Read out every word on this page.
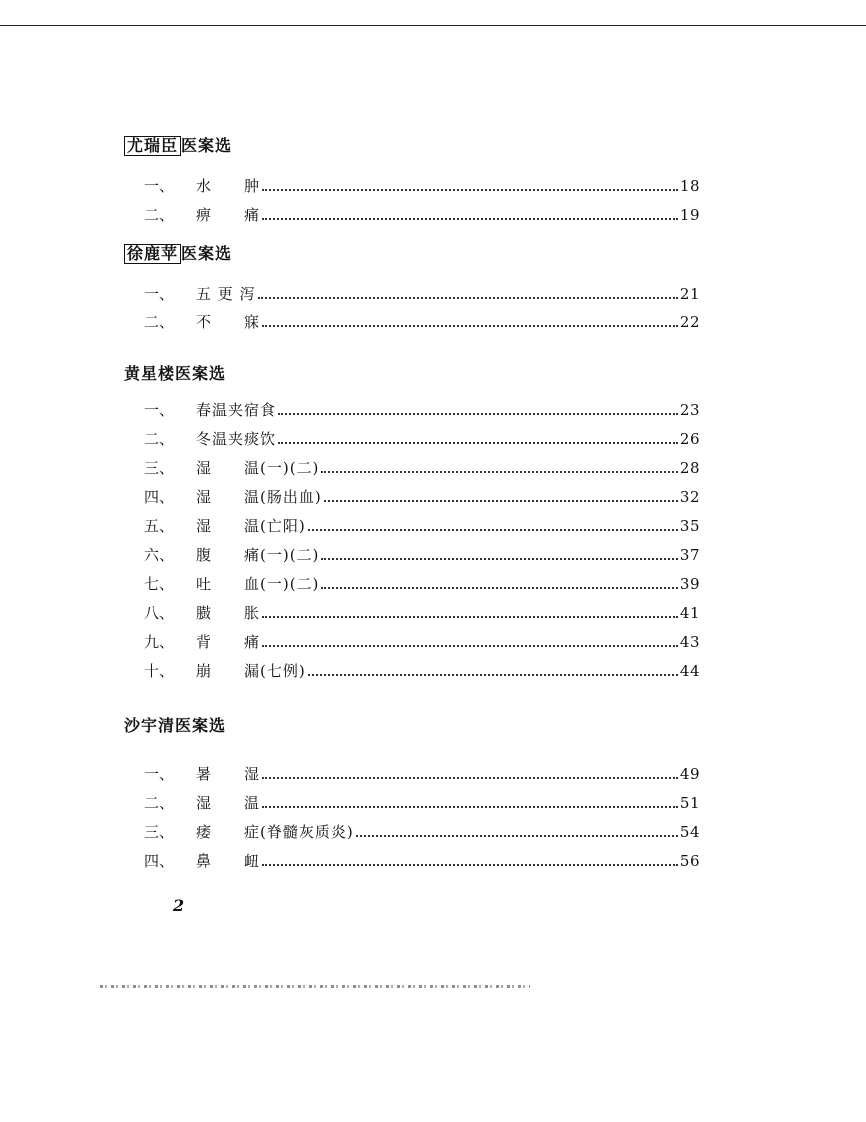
尤瑞臣 医案选
一、	水　　肿	18
二、	痹　　痛	19
徐鹿苹 医案选
一、	五 更 泻	21
二、	不　　寐	22
黄星楼医案选
一、	春温夹宿食	23
二、	冬温夹痰饮	26
三、	湿　　温(一)(二)	28
四、	湿　　温(肠出血)	32
五、	湿　　温(亡阳)	35
六、	腹　　痛(一)(二)	37
七、	吐　　血(一)(二)	39
八、	臌　　胀	41
九、	背　　痛	43
十、	崩　　漏(七例)	44
沙宇清医案选
一、	暑　　湿	49
二、	湿　　温	51
三、	痿　　症(脊髓灰质炎)	54
四、	鼻　　衄	56
2
